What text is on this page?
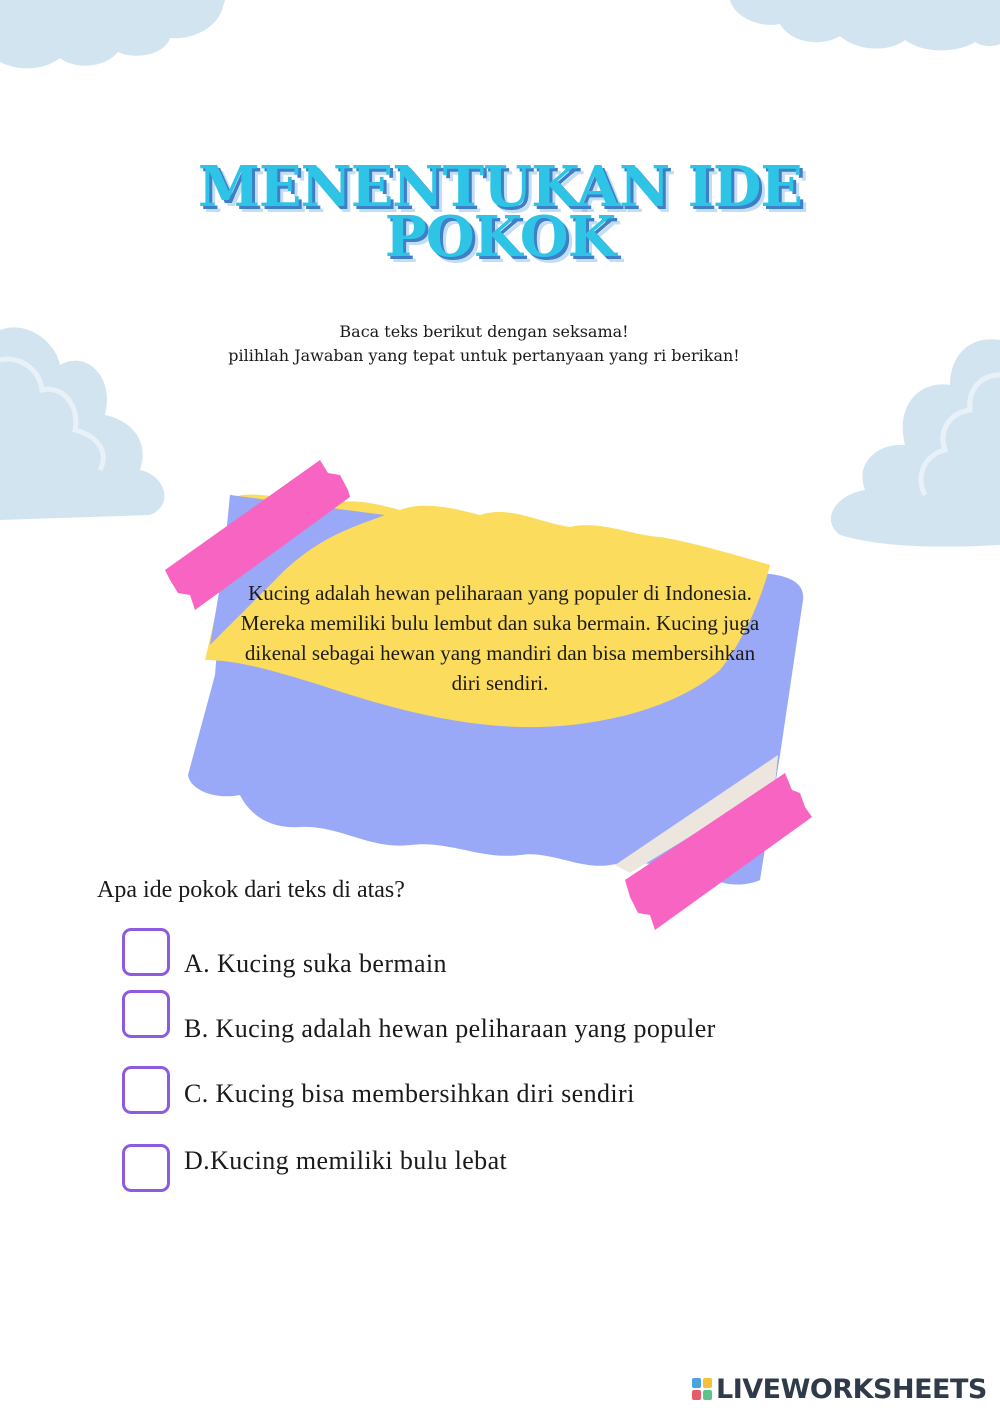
MENENTUKAN IDE
POKOK
Baca teks berikut dengan seksama!
pilihlah Jawaban yang tepat untuk pertanyaan yang ri berikan!
Kucing adalah hewan peliharaan yang populer di Indonesia. Mereka memiliki bulu lembut dan suka bermain. Kucing juga dikenal sebagai hewan yang mandiri dan bisa membersihkan diri sendiri.
Apa ide pokok dari teks di atas?
A. Kucing suka bermain
B. Kucing adalah hewan peliharaan yang populer
C. Kucing bisa membersihkan diri sendiri
D.Kucing memiliki bulu lebat
LIVEWORKSHEETS
